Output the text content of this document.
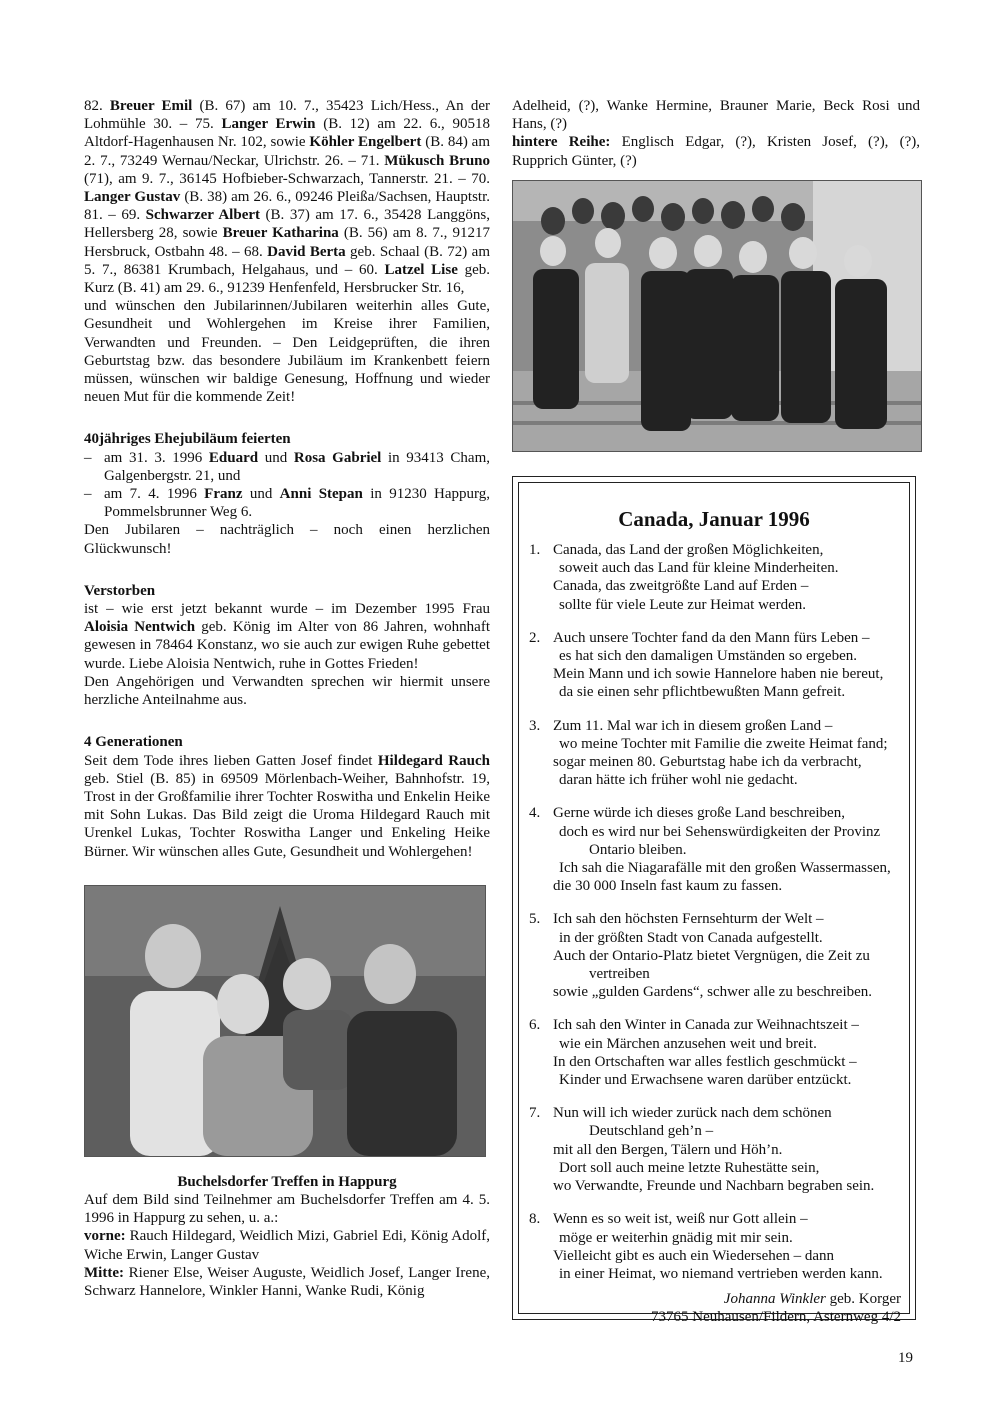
82. Breuer Emil (B. 67) am 10. 7., 35423 Lich/Hess., An der Lohmühle 30. – 75. Langer Erwin (B. 12) am 22. 6., 90518 Altdorf-Hagenhausen Nr. 102, sowie Köhler Engelbert (B. 84) am 2. 7., 73249 Wernau/Neckar, Ulrichstr. 26. – 71. Mükusch Bruno (71), am 9. 7., 36145 Hofbieber-Schwarzach, Tannerstr. 21. – 70. Langer Gustav (B. 38) am 26. 6., 09246 Pleißa/Sachsen, Hauptstr. 81. – 69. Schwarzer Albert (B. 37) am 17. 6., 35428 Langgöns, Hellersberg 28, sowie Breuer Katharina (B. 56) am 8. 7., 91217 Hersbruck, Ostbahn 48. – 68. David Berta geb. Schaal (B. 72) am 5. 7., 86381 Krumbach, Helgahaus, und – 60. Latzel Lise geb. Kurz (B. 41) am 29. 6., 91239 Henfenfeld, Hersbrucker Str. 16,

und wünschen den Jubilarinnen/Jubilaren weiterhin alles Gute, Gesundheit und Wohlergehen im Kreise ihrer Familien, Verwandten und Freunden. – Den Leidgeprüften, die ihren Geburtstag bzw. das besondere Jubiläum im Krankenbett feiern müssen, wünschen wir baldige Genesung, Hoffnung und wieder neuen Mut für die kommende Zeit!

40jähriges Ehejubiläum feierten
– am 31. 3. 1996 Eduard und Rosa Gabriel in 93413 Cham, Galgenbergstr. 21, und
– am 7. 4. 1996 Franz und Anni Stepan in 91230 Happurg, Pommelsbrunner Weg 6.

Den Jubilaren – nachträglich – noch einen herzlichen Glückwunsch!

Verstorben

ist – wie erst jetzt bekannt wurde – im Dezember 1995 Frau Aloisia Nentwich geb. König im Alter von 86 Jahren, wohnhaft gewesen in 78464 Konstanz, wo sie auch zur ewigen Ruhe gebettet wurde. Liebe Aloisia Nentwich, ruhe in Gottes Frieden!

Den Angehörigen und Verwandten sprechen wir hiermit unsere herzliche Anteilnahme aus.

4 Generationen

Seit dem Tode ihres lieben Gatten Josef findet Hildegard Rauch geb. Stiel (B. 85) in 69509 Mörlenbach-Weiher, Bahnhofstr. 19, Trost in der Großfamilie ihrer Tochter Roswitha und Enkelin Heike mit Sohn Lukas. Das Bild zeigt die Uroma Hildegard Rauch mit Urenkel Lukas, Tochter Roswitha Langer und Enkeling Heike Bürner. Wir wünschen alles Gute, Gesundheit und Wohlergehen!

Buchelsdorfer Treffen in Happurg

Auf dem Bild sind Teilnehmer am Buchelsdorfer Treffen am 4. 5. 1996 in Happurg zu sehen, u. a.:

vorne: Rauch Hildegard, Weidlich Mizi, Gabriel Edi, König Adolf, Wiche Erwin, Langer Gustav

Mitte: Riener Else, Weiser Auguste, Weidlich Josef, Langer Irene, Schwarz Hannelore, Winkler Hanni, Wanke Rudi, König

Adelheid, (?), Wanke Hermine, Brauner Marie, Beck Rosi und Hans, (?)

hintere Reihe: Englisch Edgar, (?), Kristen Josef, (?), (?), Rupprich Günter, (?)

Canada, Januar 1996
1. Canada, das Land der großen Möglichkeiten,
soweit auch das Land für kleine Minderheiten.
Canada, das zweitgrößte Land auf Erden –
sollte für viele Leute zur Heimat werden.
2. Auch unsere Tochter fand da den Mann fürs Leben –
es hat sich den damaligen Umständen so ergeben.
Mein Mann und ich sowie Hannelore haben nie bereut,
da sie einen sehr pflichtbewußten Mann gefreit.
3. Zum 11. Mal war ich in diesem großen Land –
wo meine Tochter mit Familie die zweite Heimat fand;
sogar meinen 80. Geburtstag habe ich da verbracht,
daran hätte ich früher wohl nie gedacht.
4. Gerne würde ich dieses große Land beschreiben,
doch es wird nur bei Sehenswürdigkeiten der Provinz
Ontario bleiben.
Ich sah die Niagarafälle mit den großen Wassermassen,
die 30 000 Inseln fast kaum zu fassen.
5. Ich sah den höchsten Fernsehturm der Welt –
in der größten Stadt von Canada aufgestellt.
Auch der Ontario-Platz bietet Vergnügen, die Zeit zu
vertreiben
sowie „gulden Gardens“, schwer alle zu beschreiben.
6. Ich sah den Winter in Canada zur Weihnachtszeit –
wie ein Märchen anzusehen weit und breit.
In den Ortschaften war alles festlich geschmückt –
Kinder und Erwachsene waren darüber entzückt.
7. Nun will ich wieder zurück nach dem schönen
Deutschland geh’n –
mit all den Bergen, Tälern und Höh’n.
Dort soll auch meine letzte Ruhestätte sein,
wo Verwandte, Freunde und Nachbarn begraben sein.
8. Wenn es so weit ist, weiß nur Gott allein –
möge er weiterhin gnädig mit mir sein.
Vielleicht gibt es auch ein Wiedersehen – dann
in einer Heimat, wo niemand vertrieben werden kann.
Johanna Winkler geb. Korger
73765 Neuhausen/Fildern, Asternweg 4/2
19
